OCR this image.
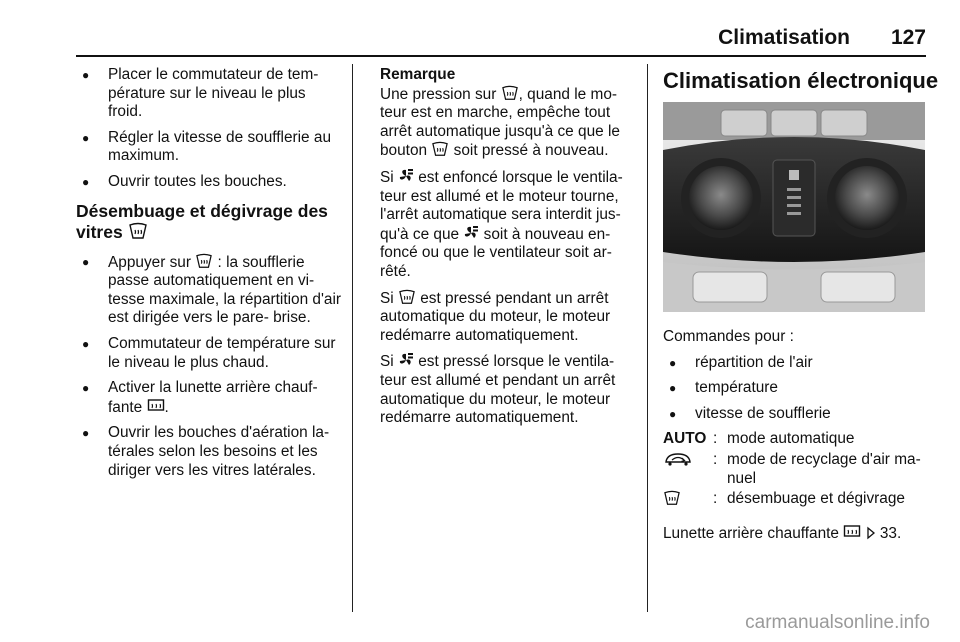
Climatisation	127
● Placer le commutateur de tem- pérature sur le niveau le plus froid.
● Régler la vitesse de soufflerie au maximum.
● Ouvrir toutes les bouches.
Désembuage et dégivrage des
vitres
● Appuyer sur : la soufflerie passe automatiquement en vi- tesse maximale, la répartition d'air est dirigée vers le pare- brise.
● Commutateur de température sur le niveau le plus chaud.
● Activer la lunette arrière chauf- fante .
● Ouvrir les bouches d'aération la- térales selon les besoins et les diriger vers les vitres latérales.
Remarque

Une pression sur , quand le mo- teur est en marche, empêche tout arrêt automatique jusqu'à ce que le bouton soit pressé à nouveau.

Si est enfoncé lorsque le ventila- teur est allumé et le moteur tourne, l'arrêt automatique sera interdit jus- qu'à ce que soit à nouveau en- foncé ou que le ventilateur soit ar- rêté.

Si est pressé pendant un arrêt automatique du moteur, le moteur redémarre automatiquement.

Si est pressé lorsque le ventila- teur est allumé et pendant un arrêt automatique du moteur, le moteur redémarre automatiquement.

Climatisation électronique

Commandes pour :

● répartition de l'air
● température
● vitesse de soufflerie
AUTO : mode automatique
: mode de recyclage d'air ma- nuel
: désembuage et dégivrage

Lunette arrière chauffante
	33.

carmanualsonline.info
